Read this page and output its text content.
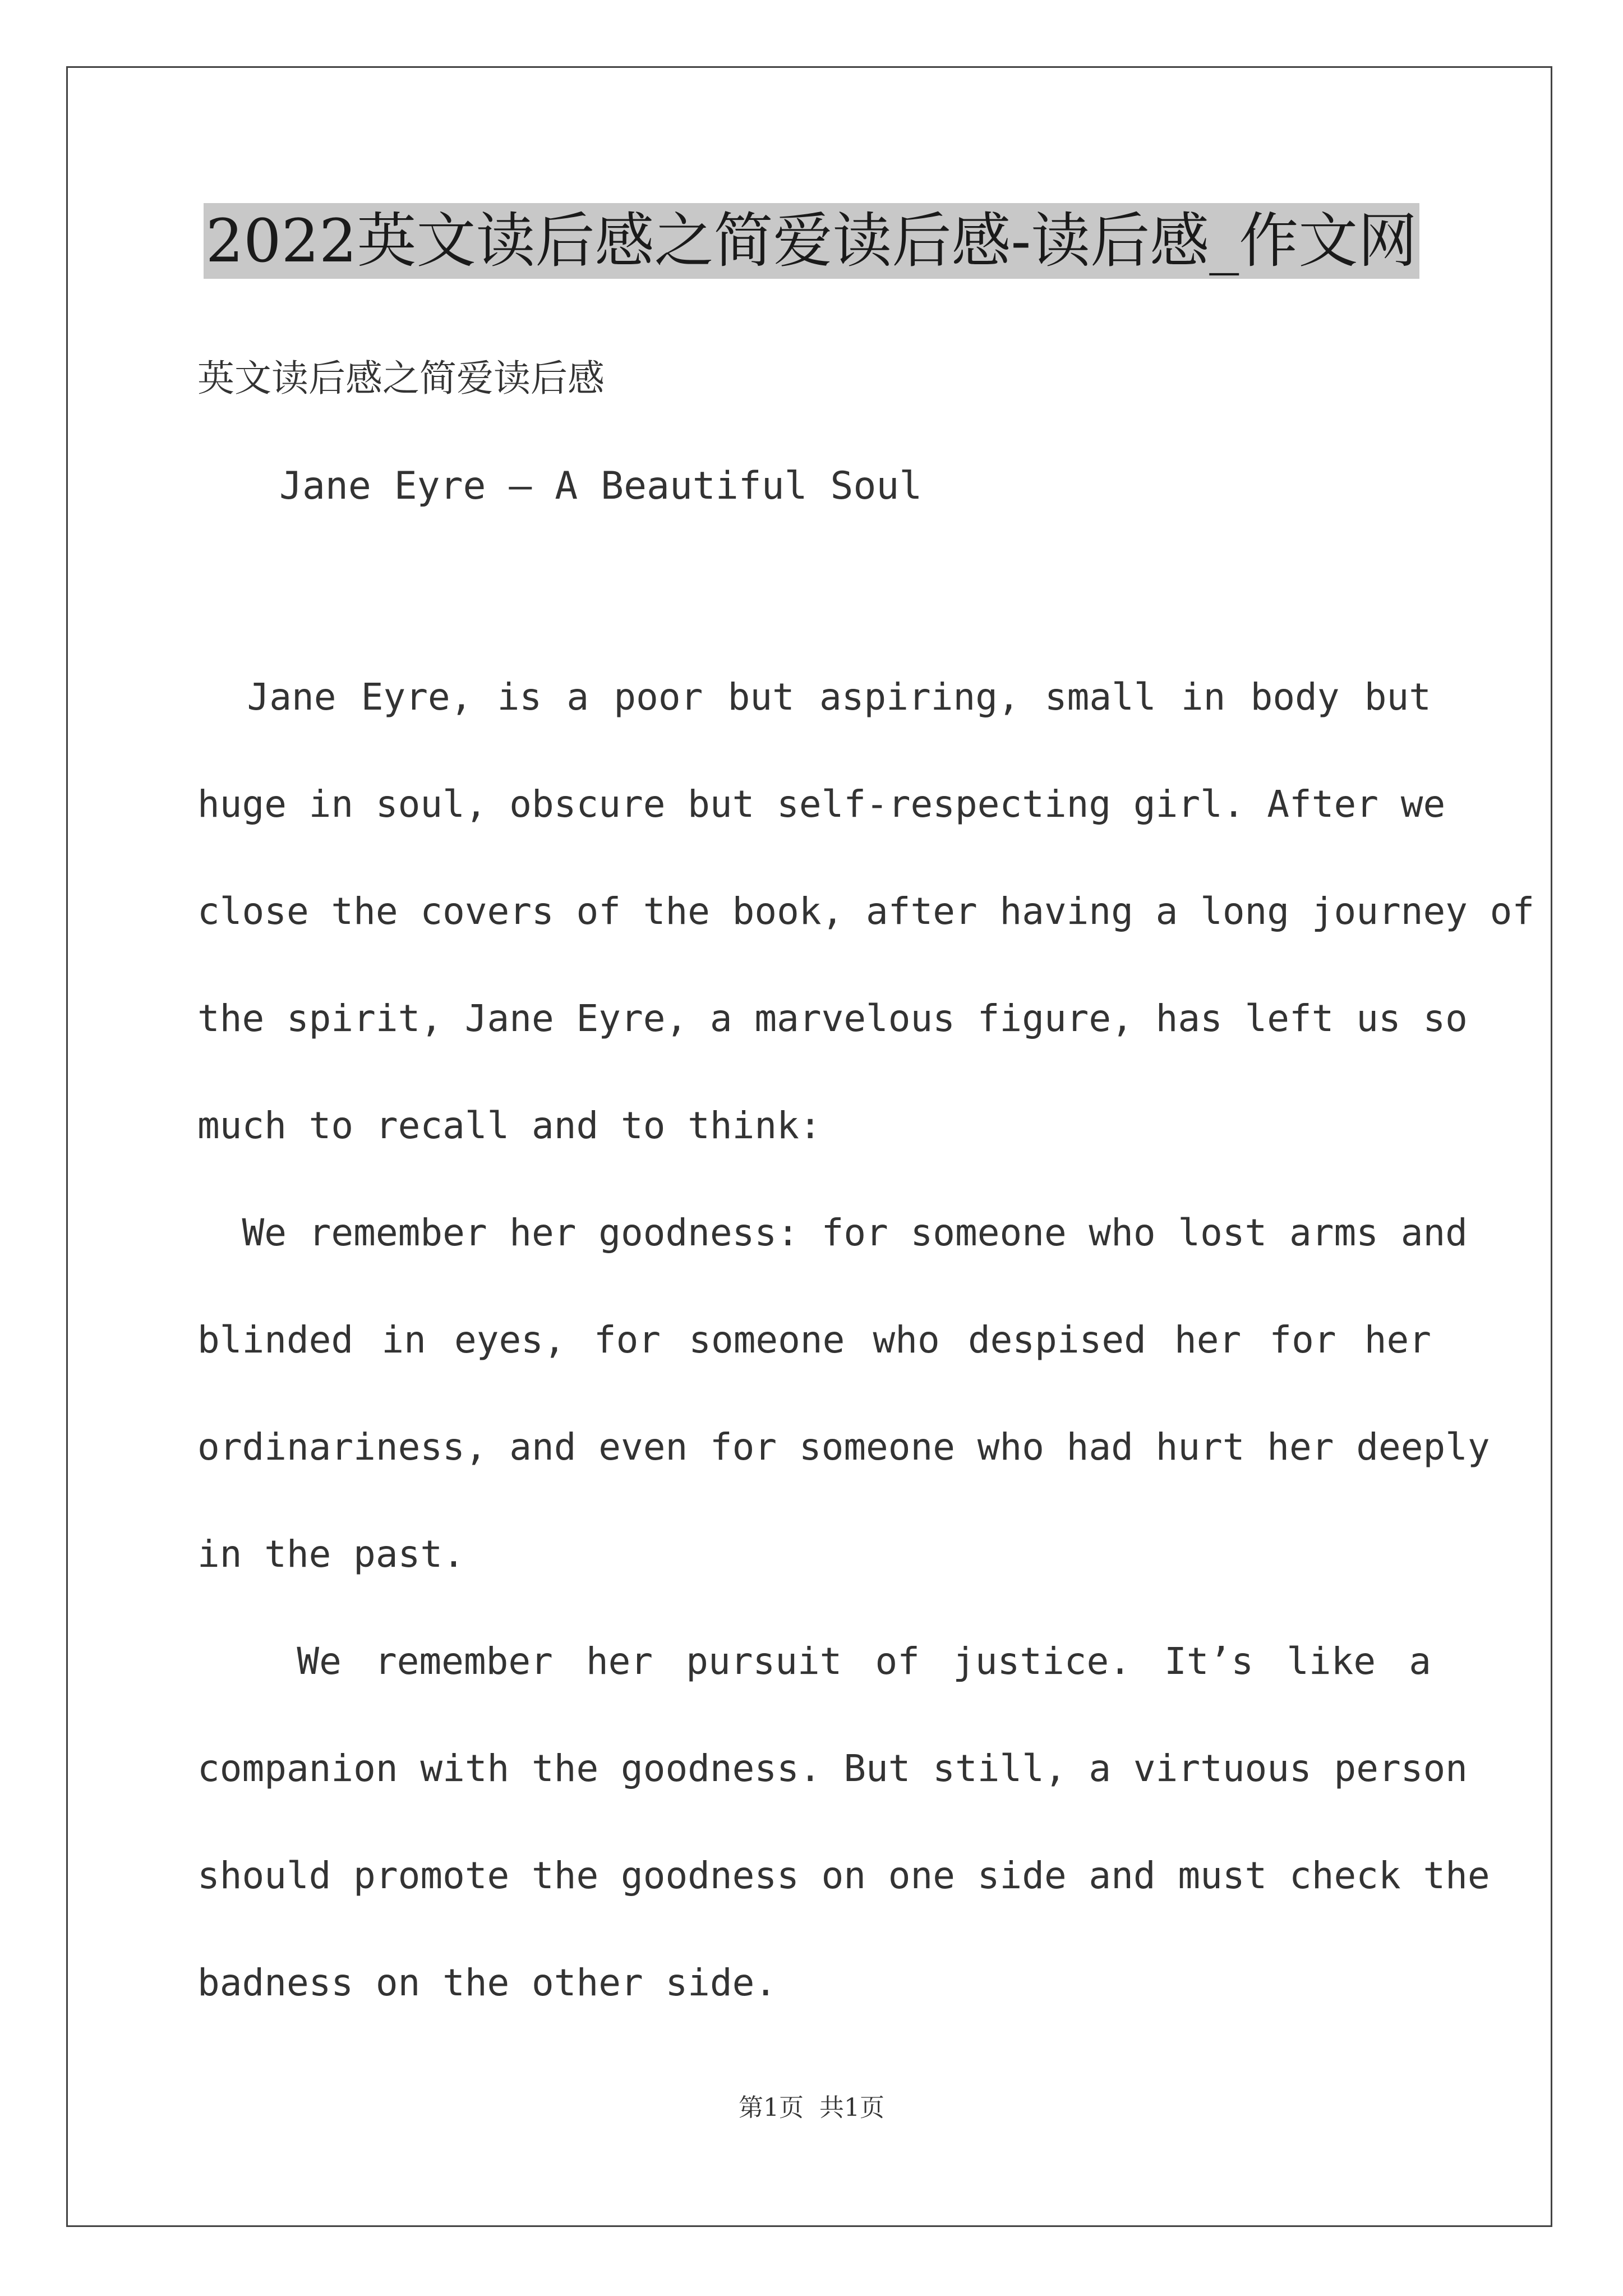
2022英文读后感之简爱读后感-读后感_作文网
英文读后感之简爱读后感
Jane Eyre — A Beautiful Soul
Jane Eyre, is a poor but aspiring, small in body but
huge in soul, obscure but self-respecting girl. After we
close the covers of the book, after having a long journey of
the spirit, Jane Eyre, a marvelous figure, has left us so
much to recall and to think:
We remember her goodness: for someone who lost arms and
blinded in eyes, for someone who despised her for her
ordinariness, and even for someone who had hurt her deeply
in the past.
We remember her pursuit of justice. It’s like a
companion with the goodness. But still, a virtuous person
should promote the goodness on one side and must check the
badness on the other side.
第1页  共1页
